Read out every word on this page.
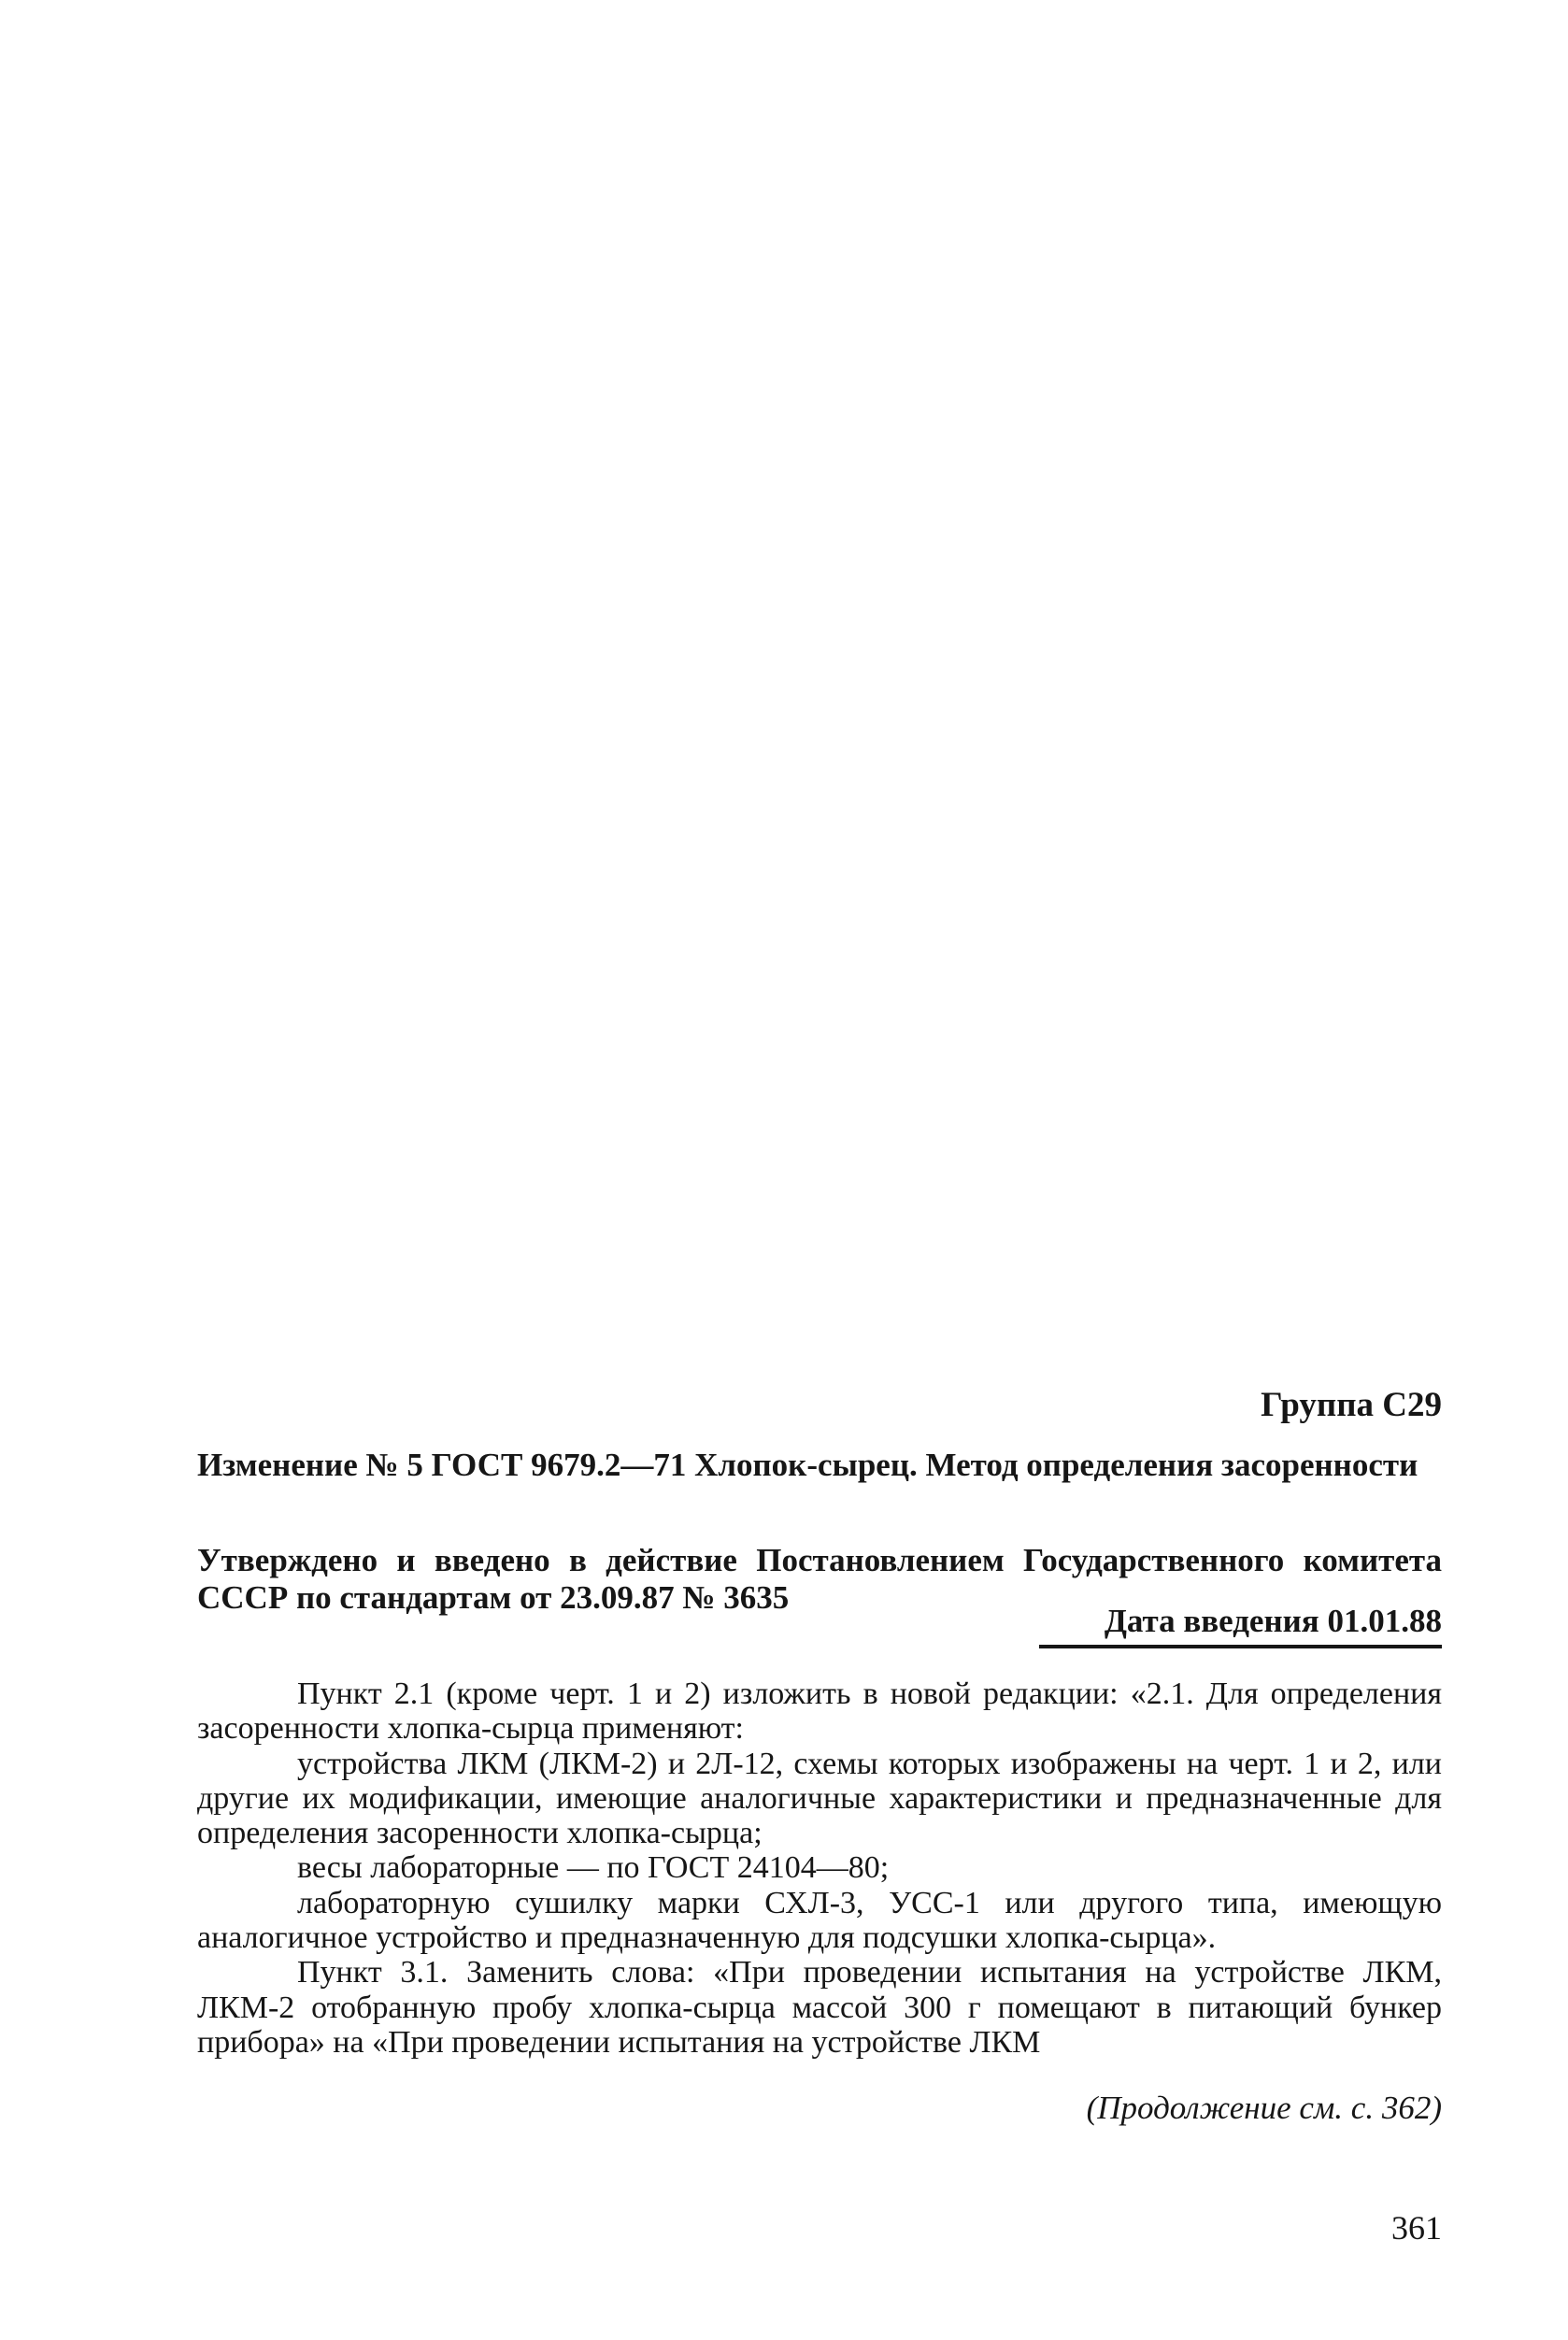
Группа С29
Изменение № 5 ГОСТ 9679.2—71 Хлопок-сырец. Метод определения засоренности
Утверждено и введено в действие Постановлением Государственного комитета СССР по стандартам от 23.09.87 № 3635
Дата введения 01.01.88

Пункт 2.1 (кроме черт. 1 и 2) изложить в новой редакции: «2.1. Для определения засоренности хлопка-сырца применяют:

устройства ЛКМ (ЛКМ-2) и 2Л-12, схемы которых изображены на черт. 1 и 2, или другие их модификации, имеющие аналогичные характеристики и предназначенные для определения засоренности хлопка-сырца;

весы лабораторные — по ГОСТ 24104—80;

лабораторную сушилку марки СХЛ-3, УСС-1 или другого типа, имеющую аналогичное устройство и предназначенную для подсушки хлопка-сырца».

Пункт 3.1. Заменить слова: «При проведении испытания на устройстве ЛКМ, ЛКМ-2 отобранную пробу хлопка-сырца массой 300 г помещают в питающий бункер прибора» на «При проведении испытания на устройстве ЛКМ

(Продолжение см. с. 362)
361
